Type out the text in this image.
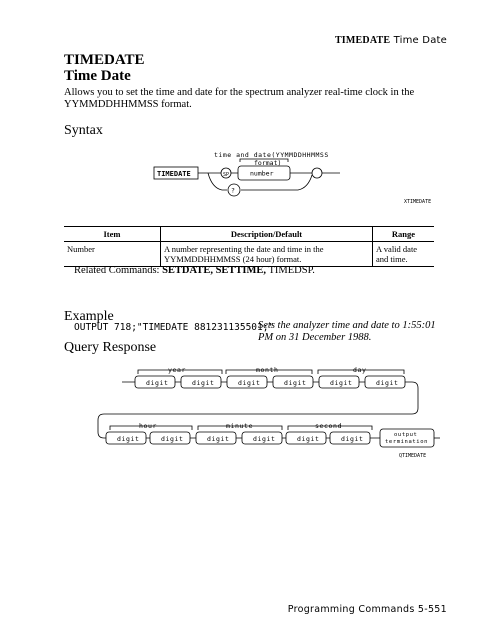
TIMEDATE Time Date
TIMEDATE
Time Date
Allows you to set the time and date for the spectrum analyzer real-time clock in the YYMMDDHHMMSS format.
Syntax
TIMEDATE
time and date(YYMMDDHHMMSS
format)
number
SP
?
XTIMEDATE
Item	Description/Default	Range
Number	A number representing the date and time in the YYMMDDHHMMSS (24 hour) format.	A valid date and time.
Related Commands: SETDATE, SETTIME, TIMEDSP.
Example
OUTPUT 718;"TIMEDATE 881231135501;"
Sets the analyzer time and date to 1:55:01 PM on 31 December 1988.
Query Response
year	month	day
digit	digit	digit	digit	digit	digit
hour	minute	second
digit	digit	digit	digit	digit	digit	output
termination
QTIMEDATE
Programming Commands 5-551
